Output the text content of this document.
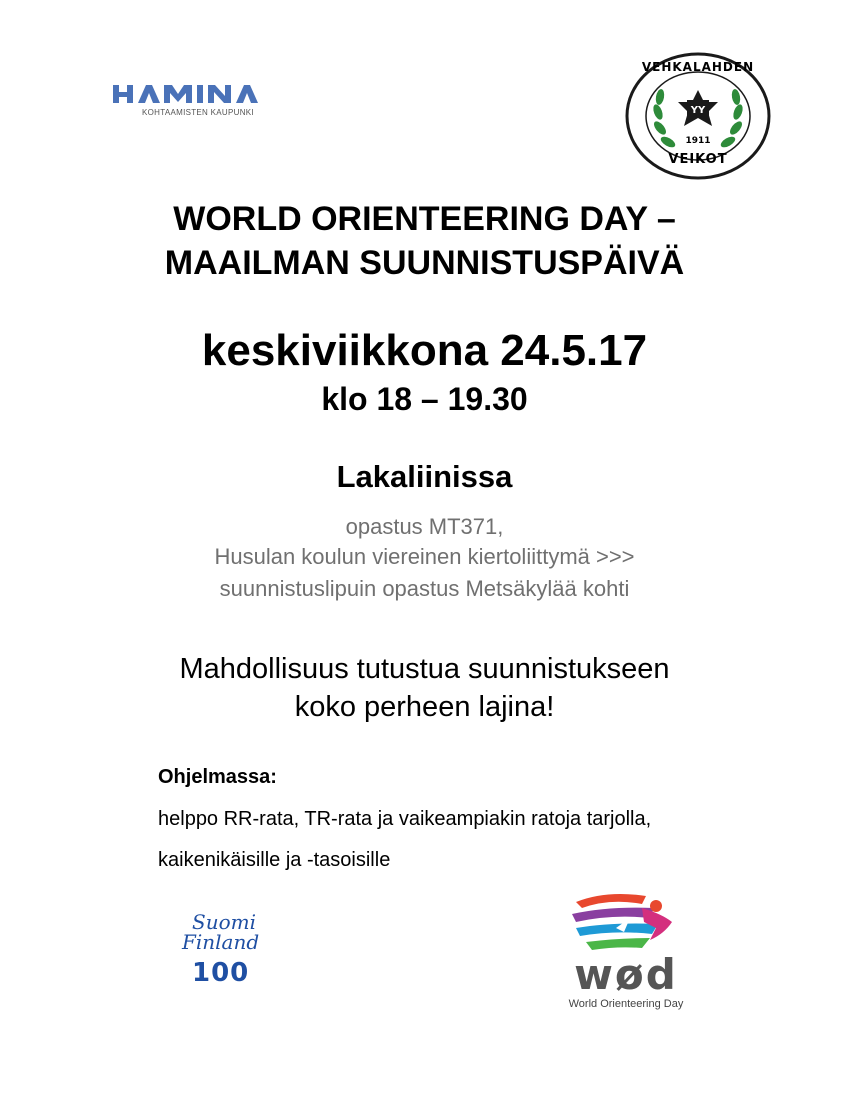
KOHTAAMISTEN KAUPUNKI	YY
VEHKALAHDEN
1911
VEIKOT
WORLD ORIENTEERING DAY –
MAAILMAN SUUNNISTUSPÄIVÄ
keskiviikkona 24.5.17
klo 18 – 19.30
Lakaliinissa
opastus MT371,
Husulan koulun viereinen kiertoliittymä >>>
suunnistuslipuin opastus Metsäkylää kohti
Mahdollisuus tutustua suunnistukseen
koko perheen lajina!
Ohjelmassa:
helppo RR-rata, TR-rata ja vaikeampiakin ratoja tarjolla,
kaikenikäisille ja -tasoisille
Suomi
Finland
100	wød
World Orienteering Day
